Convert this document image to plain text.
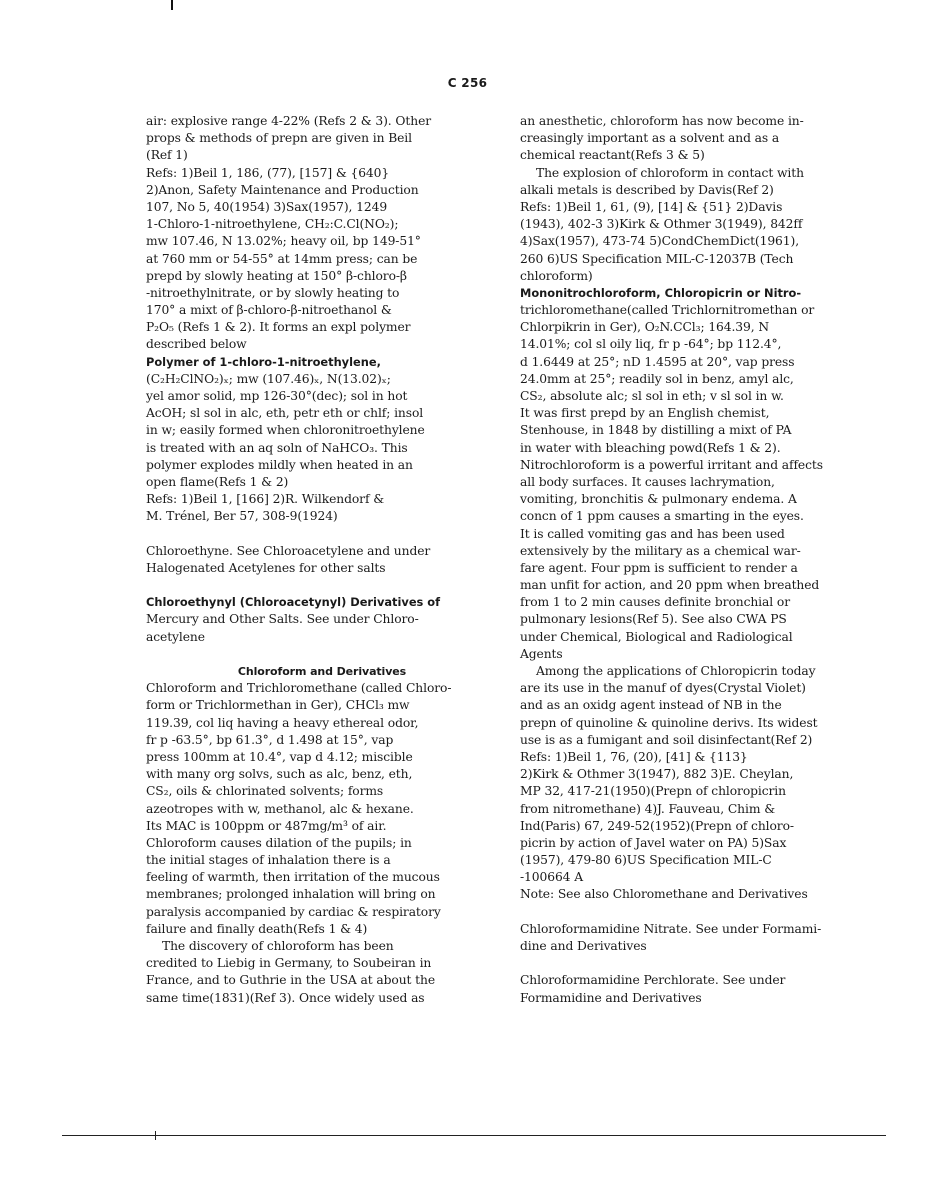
C 256
air: explosive range 4-22% (Refs 2 & 3). Other
props & methods of prepn are given in Beil
(Ref 1)
Refs: 1)Beil 1, 186, (77), [157] & {640}
2)Anon, Safety Maintenance and Production
107, No 5, 40(1954) 3)Sax(1957), 1249
1-Chloro-1-nitroethylene, CH₂:C.Cl(NO₂);
mw 107.46, N 13.02%; heavy oil, bp 149-51°
at 760 mm or 54-55° at 14mm press; can be
prepd by slowly heating at 150° β-chloro-β
-nitroethylnitrate, or by slowly heating to
170° a mixt of β-chloro-β-nitroethanol &
P₂O₅ (Refs 1 & 2). It forms an expl polymer
described below
Polymer of 1-chloro-1-nitroethylene,
(C₂H₂ClNO₂)ₓ; mw (107.46)ₓ, N(13.02)ₓ;
yel amor solid, mp 126-30°(dec); sol in hot
AcOH; sl sol in alc, eth, petr eth or chlf; insol
in w; easily formed when chloronitroethylene
is treated with an aq soln of NaHCO₃. This
polymer explodes mildly when heated in an
open flame(Refs 1 & 2)
Refs: 1)Beil 1, [166] 2)R. Wilkendorf &
M. Trénel, Ber 57, 308-9(1924)
Chloroethyne. See Chloroacetylene and under
Halogenated Acetylenes for other salts
Chloroethynyl (Chloroacetynyl) Derivatives of
Mercury and Other Salts. See under Chloro-
acetylene
Chloroform and Derivatives
Chloroform and Trichloromethane (called Chloro-
form or Trichlormethan in Ger), CHCl₃ mw
119.39, col liq having a heavy ethereal odor,
fr p -63.5°, bp 61.3°, d 1.498 at 15°, vap
press 100mm at 10.4°, vap d 4.12; miscible
with many org solvs, such as alc, benz, eth,
CS₂, oils & chlorinated solvents; forms
azeotropes with w, methanol, alc & hexane.
Its MAC is 100ppm or 487mg/m³ of air.
Chloroform causes dilation of the pupils; in
the initial stages of inhalation there is a
feeling of warmth, then irritation of the mucous
membranes; prolonged inhalation will bring on
paralysis accompanied by cardiac & respiratory
failure and finally death(Refs 1 & 4)
The discovery of chloroform has been
credited to Liebig in Germany, to Soubeiran in
France, and to Guthrie in the USA at about the
same time(1831)(Ref 3). Once widely used as
an anesthetic, chloroform has now become in-
creasingly important as a solvent and as a
chemical reactant(Refs 3 & 5)
The explosion of chloroform in contact with
alkali metals is described by Davis(Ref 2)
Refs: 1)Beil 1, 61, (9), [14] & {51} 2)Davis
(1943), 402-3 3)Kirk & Othmer 3(1949), 842ff
4)Sax(1957), 473-74 5)CondChemDict(1961),
260 6)US Specification MIL-C-12037B (Tech
chloroform)
Mononitrochloroform, Chloropicrin or Nitro-
trichloromethane(called Trichlornitromethan or
Chlorpikrin in Ger), O₂N.CCl₃; 164.39, N
14.01%; col sl oily liq, fr p -64°; bp 112.4°,
d 1.6449 at 25°; nD 1.4595 at 20°, vap press
24.0mm at 25°; readily sol in benz, amyl alc,
CS₂, absolute alc; sl sol in eth; v sl sol in w.
It was first prepd by an English chemist,
Stenhouse, in 1848 by distilling a mixt of PA
in water with bleaching powd(Refs 1 & 2).
Nitrochloroform is a powerful irritant and affects
all body surfaces. It causes lachrymation,
vomiting, bronchitis & pulmonary endema. A
concn of 1 ppm causes a smarting in the eyes.
It is called vomiting gas and has been used
extensively by the military as a chemical war-
fare agent. Four ppm is sufficient to render a
man unfit for action, and 20 ppm when breathed
from 1 to 2 min causes definite bronchial or
pulmonary lesions(Ref 5). See also CWA PS
under Chemical, Biological and Radiological
Agents
Among the applications of Chloropicrin today
are its use in the manuf of dyes(Crystal Violet)
and as an oxidg agent instead of NB in the
prepn of quinoline & quinoline derivs. Its widest
use is as a fumigant and soil disinfectant(Ref 2)
Refs: 1)Beil 1, 76, (20), [41] & {113}
2)Kirk & Othmer 3(1947), 882 3)E. Cheylan,
MP 32, 417-21(1950)(Prepn of chloropicrin
from nitromethane) 4)J. Fauveau, Chim &
Ind(Paris) 67, 249-52(1952)(Prepn of chloro-
picrin by action of Javel water on PA) 5)Sax
(1957), 479-80 6)US Specification MIL-C
-100664 A
Note: See also Chloromethane and Derivatives
Chloroformamidine Nitrate. See under Formami-
dine and Derivatives
Chloroformamidine Perchlorate. See under
Formamidine and Derivatives
